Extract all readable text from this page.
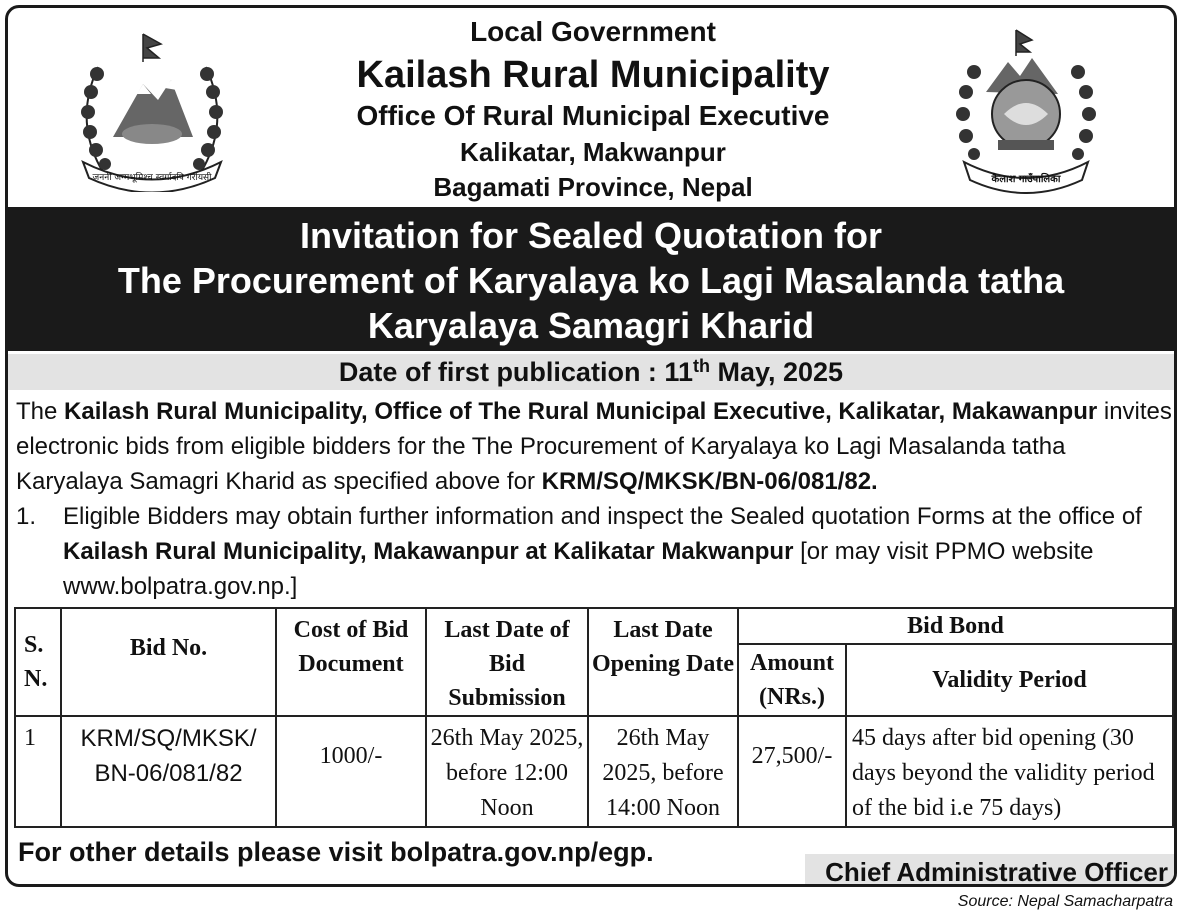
जननी जन्मभूमिश्च स्वर्गादपि गरीयसी
Local Government
Kailash Rural Municipality
Office Of Rural Municipal Executive
Kalikatar, Makwanpur
Bagamati Province, Nepal	कैलाश गाउँपालिका
Invitation for Sealed Quotation for
The Procurement of Karyalaya ko Lagi Masalanda tatha
Karyalaya Samagri Kharid
Date of first publication : 11th May, 2025

The Kailash Rural Municipality, Office of The Rural Municipal Executive, Kalikatar, Makawanpur invites electronic bids from eligible bidders for the The Procurement of Karyalaya ko Lagi Masalanda tatha Karyalaya Samagri Kharid as specified above for KRM/SQ/MKSK/BN-06/081/82.

1. Eligible Bidders may obtain further information and inspect the Sealed quotation Forms at the office of Kailash Rural Municipality, Makawanpur at Kalikatar Makwanpur [or may visit PPMO website www.bolpatra.gov.np.]

S. N.	Bid No.	Cost of Bid Document	Last Date of Bid Submission	Last Date Opening Date	Bid Bond	
					Amount (NRs.)	Validity Period
1	KRM/SQ/MKSK/ BN-06/081/82	1000/-	26th May 2025, before 12:00 Noon	26th May 2025, before 14:00 Noon	27,500/-	45 days after bid opening (30 days beyond the validity period of the bid i.e 75 days)
For other details please visit bolpatra.gov.np/egp.
Chief Administrative Officer
Source: Nepal Samacharpatra
